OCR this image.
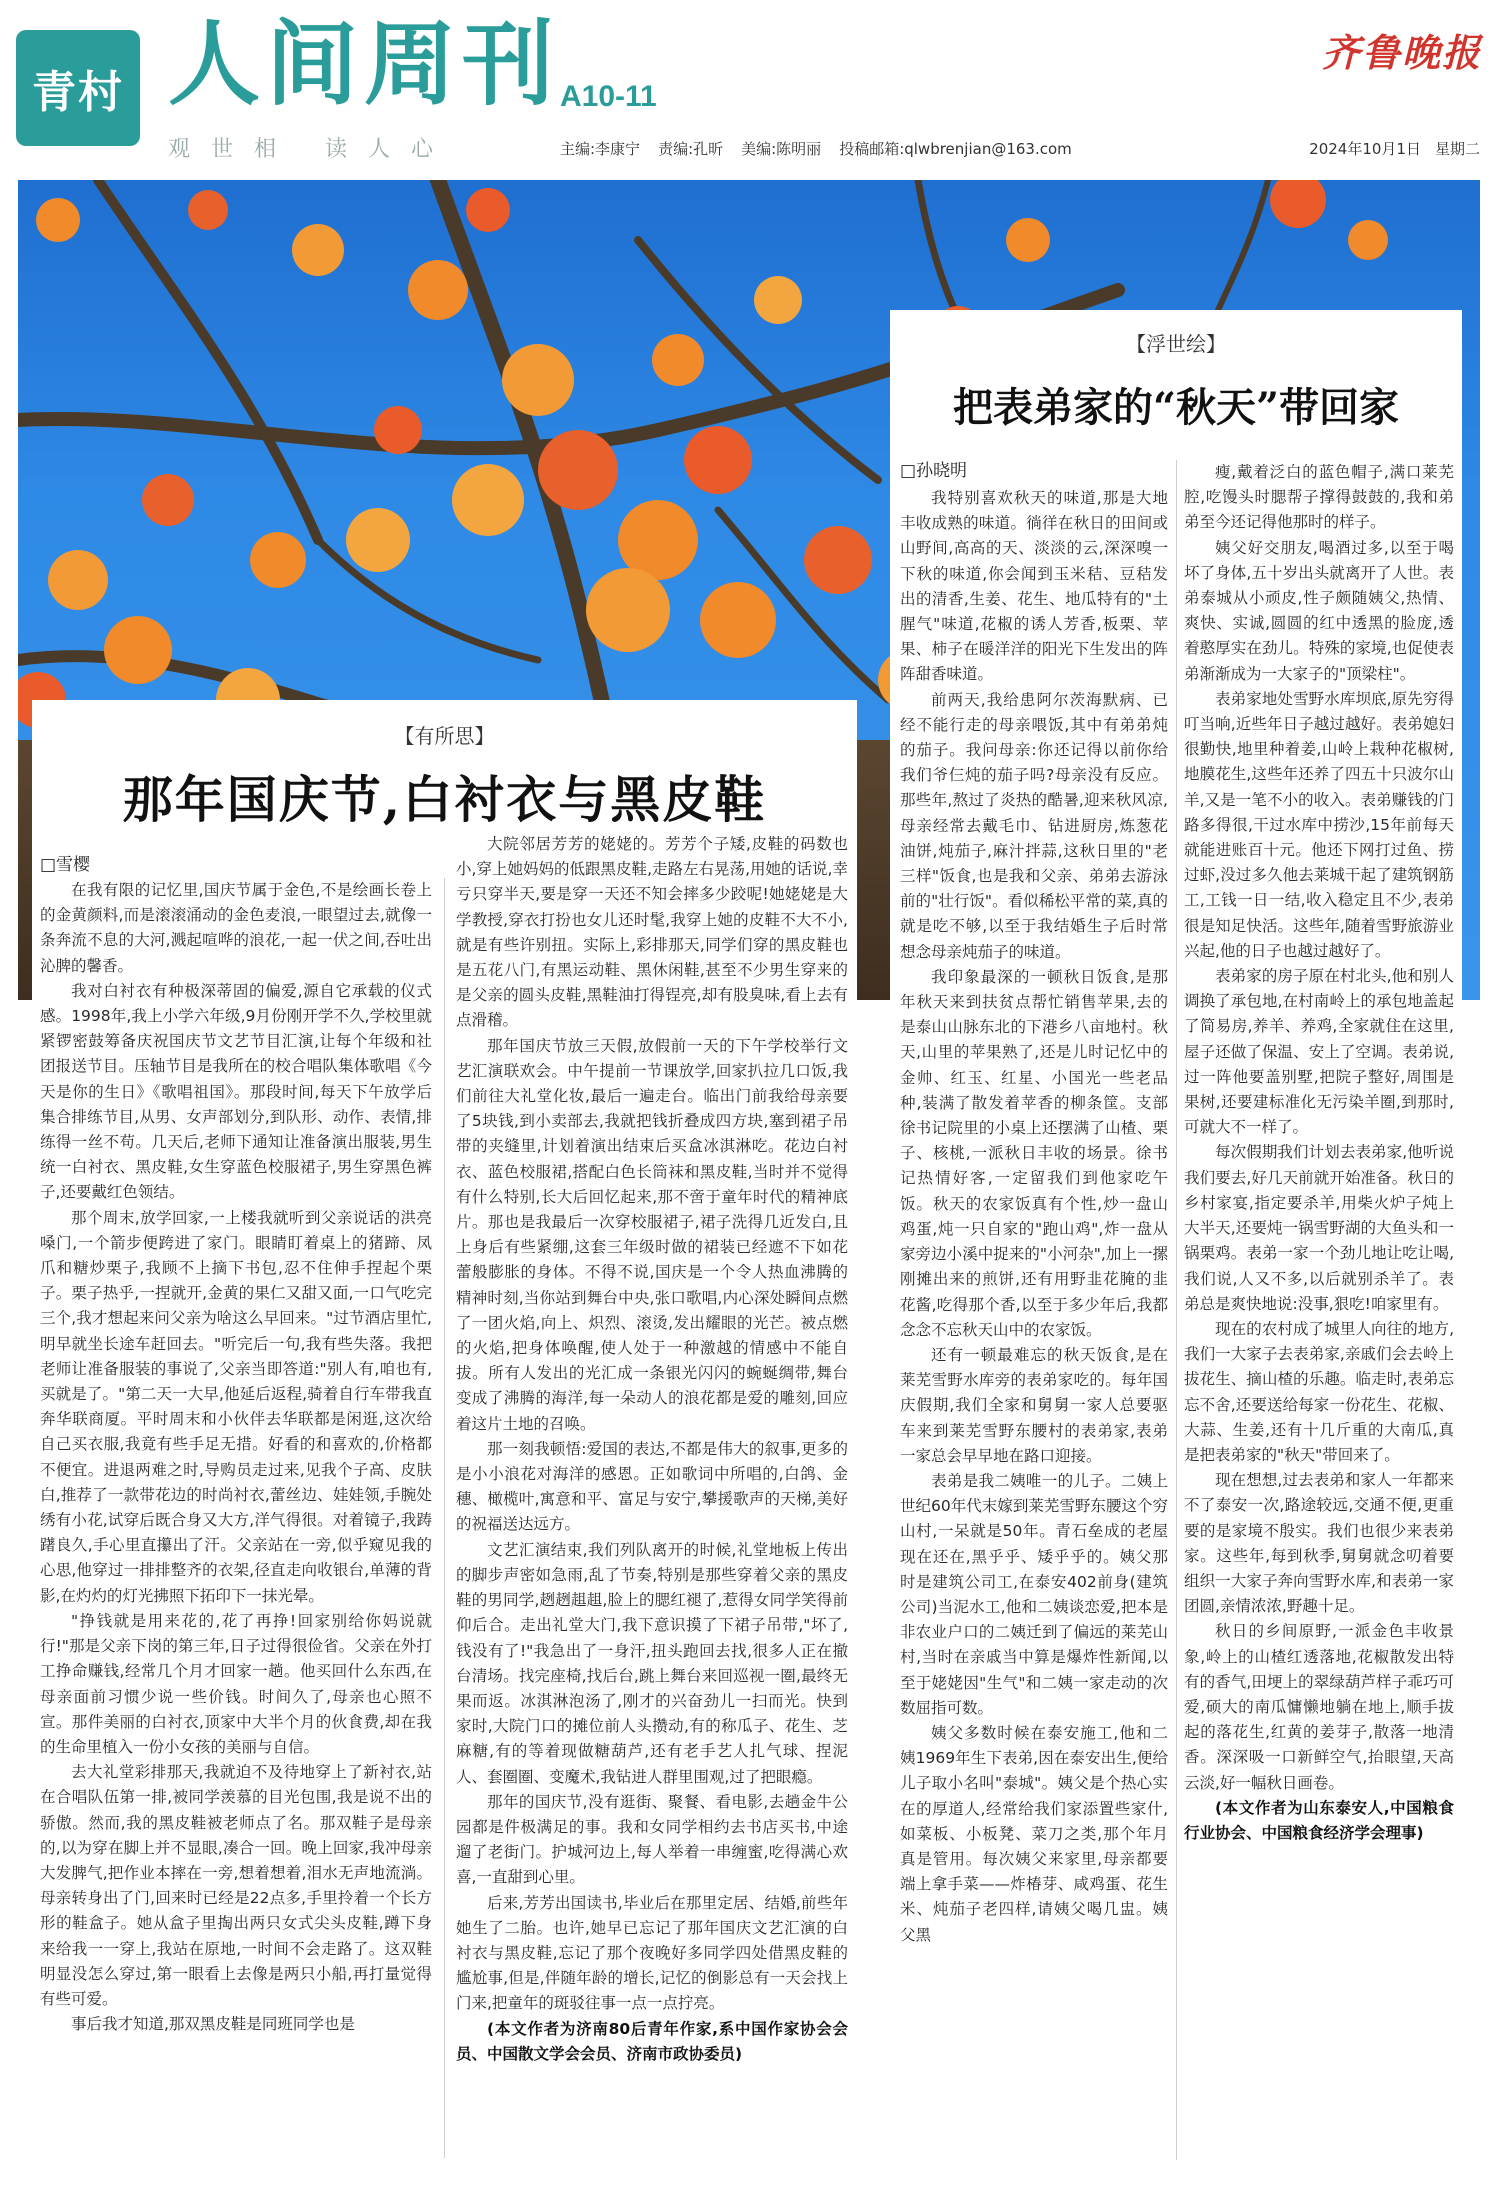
青村 人间周刊 A10-11
观世相 读人心
齐鲁晚报
主编:李康宁 责编:孔昕 美编:陈明丽 投稿邮箱:qlwbrenjian@163.com	2024年10月1日 星期二
【有所思】
那年国庆节,白衬衣与黑皮鞋
□雪樱

在我有限的记忆里,国庆节属于金色,不是绘画长卷上的金黄颜料,而是滚滚涌动的金色麦浪,一眼望过去,就像一条奔流不息的大河,溅起喧哗的浪花,一起一伏之间,吞吐出沁脾的馨香。

我对白衬衣有种极深蒂固的偏爱,源自它承载的仪式感。1998年,我上小学六年级,9月份刚开学不久,学校里就紧锣密鼓筹备庆祝国庆节文艺节目汇演,让每个年级和社团报送节目。压轴节目是我所在的校合唱队集体歌唱《今天是你的生日》《歌唱祖国》。那段时间,每天下午放学后集合排练节目,从男、女声部划分,到队形、动作、表情,排练得一丝不苟。几天后,老师下通知让准备演出服装,男生统一白衬衣、黑皮鞋,女生穿蓝色校服裙子,男生穿黑色裤子,还要戴红色领结。

那个周末,放学回家,一上楼我就听到父亲说话的洪亮嗓门,一个箭步便跨进了家门。眼睛盯着桌上的猪蹄、凤爪和糖炒栗子,我顾不上摘下书包,忍不住伸手捏起个栗子。栗子热乎,一捏就开,金黄的果仁又甜又面,一口气吃完三个,我才想起来问父亲为啥这么早回来。"过节酒店里忙,明早就坐长途车赶回去。"听完后一句,我有些失落。我把老师让准备服装的事说了,父亲当即答道:"别人有,咱也有,买就是了。"第二天一大早,他延后返程,骑着自行车带我直奔华联商厦。平时周末和小伙伴去华联都是闲逛,这次给自己买衣服,我竟有些手足无措。好看的和喜欢的,价格都不便宜。进退两难之时,导购员走过来,见我个子高、皮肤白,推荐了一款带花边的时尚衬衣,蕾丝边、娃娃领,手腕处绣有小花,试穿后既合身又大方,洋气得很。对着镜子,我踌躇良久,手心里直攥出了汗。父亲站在一旁,似乎窥见我的心思,他穿过一排排整齐的衣架,径直走向收银台,单薄的背影,在灼灼的灯光拂照下拓印下一抹光晕。

"挣钱就是用来花的,花了再挣!回家别给你妈说就行!"那是父亲下岗的第三年,日子过得很俭省。父亲在外打工挣命赚钱,经常几个月才回家一趟。他买回什么东西,在母亲面前习惯少说一些价钱。时间久了,母亲也心照不宣。那件美丽的白衬衣,顶家中大半个月的伙食费,却在我的生命里植入一份小女孩的美丽与自信。

去大礼堂彩排那天,我就迫不及待地穿上了新衬衣,站在合唱队伍第一排,被同学羡慕的目光包围,我是说不出的骄傲。然而,我的黑皮鞋被老师点了名。那双鞋子是母亲的,以为穿在脚上并不显眼,凑合一回。晚上回家,我冲母亲大发脾气,把作业本摔在一旁,想着想着,泪水无声地流淌。母亲转身出了门,回来时已经是22点多,手里拎着一个长方形的鞋盒子。她从盒子里掏出两只女式尖头皮鞋,蹲下身来给我一一穿上,我站在原地,一时间不会走路了。这双鞋明显没怎么穿过,第一眼看上去像是两只小船,再打量觉得有些可爱。

事后我才知道,那双黑皮鞋是同班同学也是

大院邻居芳芳的姥姥的。芳芳个子矮,皮鞋的码数也小,穿上她妈妈的低跟黑皮鞋,走路左右晃荡,用她的话说,幸亏只穿半天,要是穿一天还不知会摔多少跤呢!她姥姥是大学教授,穿衣打扮也女儿还时髦,我穿上她的皮鞋不大不小,就是有些许别扭。实际上,彩排那天,同学们穿的黑皮鞋也是五花八门,有黑运动鞋、黑休闲鞋,甚至不少男生穿来的是父亲的圆头皮鞋,黑鞋油打得锃亮,却有股臭味,看上去有点滑稽。

那年国庆节放三天假,放假前一天的下午学校举行文艺汇演联欢会。中午提前一节课放学,回家扒拉几口饭,我们前往大礼堂化妆,最后一遍走台。临出门前我给母亲要了5块钱,到小卖部去,我就把钱折叠成四方块,塞到裙子吊带的夹缝里,计划着演出结束后买盒冰淇淋吃。花边白衬衣、蓝色校服裙,搭配白色长筒袜和黑皮鞋,当时并不觉得有什么特别,长大后回忆起来,那不啻于童年时代的精神底片。那也是我最后一次穿校服裙子,裙子洗得几近发白,且上身后有些紧绷,这套三年级时做的裙装已经遮不下如花蕾般膨胀的身体。不得不说,国庆是一个令人热血沸腾的精神时刻,当你站到舞台中央,张口歌唱,内心深处瞬间点燃了一团火焰,向上、炽烈、滚烫,发出耀眼的光芒。被点燃的火焰,把身体唤醒,使人处于一种激越的情感中不能自拔。所有人发出的光汇成一条银光闪闪的蜿蜒绸带,舞台变成了沸腾的海洋,每一朵动人的浪花都是爱的雕刻,回应着这片土地的召唤。

那一刻我顿悟:爱国的表达,不都是伟大的叙事,更多的是小小浪花对海洋的感恩。正如歌词中所唱的,白鸽、金穗、橄榄叶,寓意和平、富足与安宁,攀援歌声的天梯,美好的祝福送达远方。

文艺汇演结束,我们列队离开的时候,礼堂地板上传出的脚步声密如急雨,乱了节奏,特别是那些穿着父亲的黑皮鞋的男同学,趔趔趄趄,脸上的腮红褪了,惹得女同学笑得前仰后合。走出礼堂大门,我下意识摸了下裙子吊带,"坏了,钱没有了!"我急出了一身汗,扭头跑回去找,很多人正在撤台清场。找完座椅,找后台,跳上舞台来回巡视一圈,最终无果而返。冰淇淋泡汤了,刚才的兴奋劲儿一扫而光。快到家时,大院门口的摊位前人头攒动,有的称瓜子、花生、芝麻糖,有的等着现做糖葫芦,还有老手艺人扎气球、捏泥人、套圈圈、变魔术,我钻进人群里围观,过了把眼瘾。

那年的国庆节,没有逛街、聚餐、看电影,去趟金牛公园都是件极满足的事。我和女同学相约去书店买书,中途遛了老街门。护城河边上,每人举着一串缠蜜,吃得满心欢喜,一直甜到心里。

后来,芳芳出国读书,毕业后在那里定居、结婚,前些年她生了二胎。也许,她早已忘记了那年国庆文艺汇演的白衬衣与黑皮鞋,忘记了那个夜晚好多同学四处借黑皮鞋的尴尬事,但是,伴随年龄的增长,记忆的倒影总有一天会找上门来,把童年的斑驳往事一点一点拧亮。

(本文作者为济南80后青年作家,系中国作家协会会员、中国散文学会会员、济南市政协委员)

【浮世绘】
把表弟家的“秋天”带回家
□孙晓明

我特别喜欢秋天的味道,那是大地丰收成熟的味道。徜徉在秋日的田间或山野间,高高的天、淡淡的云,深深嗅一下秋的味道,你会闻到玉米秸、豆秸发出的清香,生姜、花生、地瓜特有的"土腥气"味道,花椒的诱人芳香,板栗、苹果、柿子在暖洋洋的阳光下生发出的阵阵甜香味道。

前两天,我给患阿尔茨海默病、已经不能行走的母亲喂饭,其中有弟弟炖的茄子。我问母亲:你还记得以前你给我们爷仨炖的茄子吗?母亲没有反应。那些年,熬过了炎热的酷暑,迎来秋风凉,母亲经常去戴毛巾、钻进厨房,炼葱花油饼,炖茄子,麻汁拌蒜,这秋日里的"老三样"饭食,也是我和父亲、弟弟去游泳前的"壮行饭"。看似稀松平常的菜,真的就是吃不够,以至于我结婚生子后时常想念母亲炖茄子的味道。

我印象最深的一顿秋日饭食,是那年秋天来到扶贫点帮忙销售苹果,去的是泰山山脉东北的下港乡八亩地村。秋天,山里的苹果熟了,还是儿时记忆中的金帅、红玉、红星、小国光一些老品种,装满了散发着苹香的柳条筐。支部徐书记院里的小桌上还摆满了山楂、栗子、核桃,一派秋日丰收的场景。徐书记热情好客,一定留我们到他家吃午饭。秋天的农家饭真有个性,炒一盘山鸡蛋,炖一只自家的"跑山鸡",炸一盘从家旁边小溪中捉来的"小河杂",加上一摞刚摊出来的煎饼,还有用野韭花腌的韭花酱,吃得那个香,以至于多少年后,我都念念不忘秋天山中的农家饭。

还有一顿最难忘的秋天饭食,是在莱芜雪野水库旁的表弟家吃的。每年国庆假期,我们全家和舅舅一家人总要驱车来到莱芜雪野东腰村的表弟家,表弟一家总会早早地在路口迎接。

表弟是我二姨唯一的儿子。二姨上世纪60年代末嫁到莱芜雪野东腰这个穷山村,一呆就是50年。青石垒成的老屋现在还在,黑乎乎、矮乎乎的。姨父那时是建筑公司工,在泰安402前身(建筑公司)当泥水工,他和二姨谈恋爱,把本是非农业户口的二姨迁到了偏远的莱芜山村,当时在亲戚当中算是爆炸性新闻,以至于姥姥因"生气"和二姨一家走动的次数屈指可数。

姨父多数时候在泰安施工,他和二姨1969年生下表弟,因在泰安出生,便给儿子取小名叫"泰城"。姨父是个热心实在的厚道人,经常给我们家添置些家什,如菜板、小板凳、菜刀之类,那个年月真是管用。每次姨父来家里,母亲都要端上拿手菜——炸椿芽、咸鸡蛋、花生米、炖茄子老四样,请姨父喝几盅。姨父黑

瘦,戴着泛白的蓝色帽子,满口莱芜腔,吃馒头时腮帮子撑得鼓鼓的,我和弟弟至今还记得他那时的样子。

姨父好交朋友,喝酒过多,以至于喝坏了身体,五十岁出头就离开了人世。表弟泰城从小顽皮,性子颇随姨父,热情、爽快、实诚,圆圆的红中透黑的脸庞,透着憨厚实在劲儿。特殊的家境,也促使表弟渐渐成为一大家子的"顶梁柱"。

表弟家地处雪野水库坝底,原先穷得叮当响,近些年日子越过越好。表弟媳妇很勤快,地里种着姜,山岭上栽种花椒树,地膜花生,这些年还养了四五十只波尔山羊,又是一笔不小的收入。表弟赚钱的门路多得很,干过水库中捞沙,15年前每天就能进账百十元。他还下网打过鱼、捞过虾,没过多久他去莱城干起了建筑钢筋工,工钱一日一结,收入稳定且不少,表弟很是知足快活。这些年,随着雪野旅游业兴起,他的日子也越过越好了。

表弟家的房子原在村北头,他和别人调换了承包地,在村南岭上的承包地盖起了简易房,养羊、养鸡,全家就住在这里,屋子还做了保温、安上了空调。表弟说,过一阵他要盖别墅,把院子整好,周围是果树,还要建标准化无污染羊圈,到那时,可就大不一样了。

每次假期我们计划去表弟家,他听说我们要去,好几天前就开始准备。秋日的乡村家宴,指定要杀羊,用柴火炉子炖上大半天,还要炖一锅雪野湖的大鱼头和一锅栗鸡。表弟一家一个劲儿地让吃让喝,我们说,人又不多,以后就别杀羊了。表弟总是爽快地说:没事,狠吃!咱家里有。

现在的农村成了城里人向往的地方,我们一大家子去表弟家,亲戚们会去岭上拔花生、摘山楂的乐趣。临走时,表弟忘忘不舍,还要送给每家一份花生、花椒、大蒜、生姜,还有十几斤重的大南瓜,真是把表弟家的"秋天"带回来了。

现在想想,过去表弟和家人一年都来不了泰安一次,路途较远,交通不便,更重要的是家境不殷实。我们也很少来表弟家。这些年,每到秋季,舅舅就念叨着要组织一大家子奔向雪野水库,和表弟一家团圆,亲情浓浓,野趣十足。

秋日的乡间原野,一派金色丰收景象,岭上的山楂红透落地,花椒散发出特有的香气,田埂上的翠绿葫芦样子乖巧可爱,硕大的南瓜慵懒地躺在地上,顺手拔起的落花生,红黄的姜芽子,散落一地清香。深深吸一口新鲜空气,抬眼望,天高云淡,好一幅秋日画卷。

(本文作者为山东泰安人,中国粮食行业协会、中国粮食经济学会理事)
